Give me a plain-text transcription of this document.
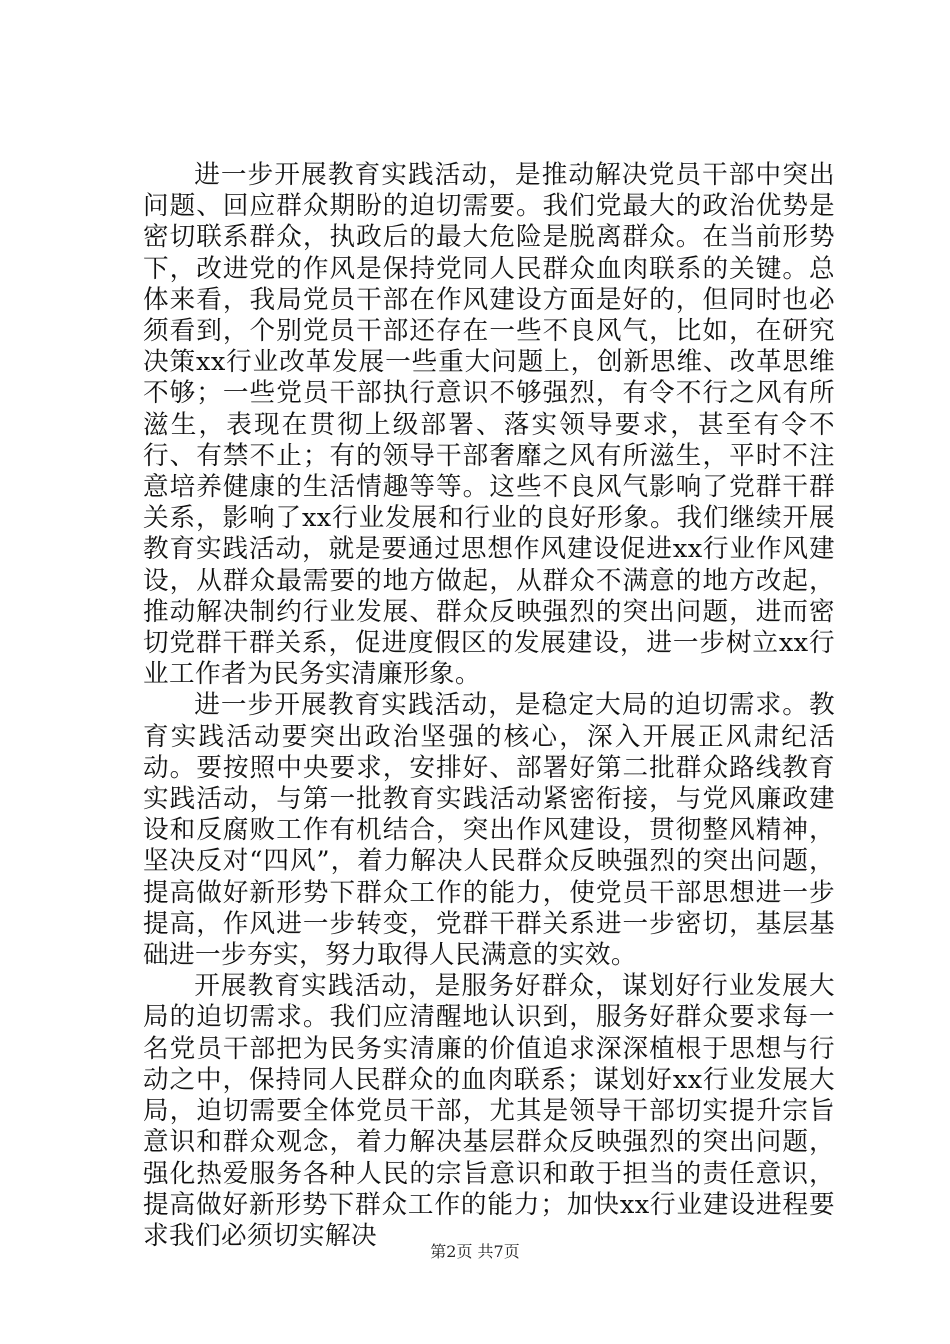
进一步开展教育实践活动，是推动解决党员干部中突出问题、回应群众期盼的迫切需要。我们党最大的政治优势是密切联系群众，执政后的最大危险是脱离群众。在当前形势下，改进党的作风是保持党同人民群众血肉联系的关键。总体来看，我局党员干部在作风建设方面是好的，但同时也必须看到，个别党员干部还存在一些不良风气，比如，在研究决策xx行业改革发展一些重大问题上，创新思维、改革思维不够；一些党员干部执行意识不够强烈，有令不行之风有所滋生，表现在贯彻上级部署、落实领导要求，甚至有令不行、有禁不止；有的领导干部奢靡之风有所滋生，平时不注意培养健康的生活情趣等等。这些不良风气影响了党群干群关系，影响了xx行业发展和行业的良好形象。我们继续开展教育实践活动，就是要通过思想作风建设促进xx行业作风建设，从群众最需要的地方做起，从群众不满意的地方改起，推动解决制约行业发展、群众反映强烈的突出问题，进而密切党群干群关系，促进度假区的发展建设，进一步树立xx行业工作者为民务实清廉形象。

进一步开展教育实践活动，是稳定大局的迫切需求。教育实践活动要突出政治坚强的核心，深入开展正风肃纪活动。要按照中央要求，安排好、部署好第二批群众路线教育实践活动，与第一批教育实践活动紧密衔接，与党风廉政建设和反腐败工作有机结合，突出作风建设，贯彻整风精神，坚决反对“四风”，着力解决人民群众反映强烈的突出问题，提高做好新形势下群众工作的能力，使党员干部思想进一步提高，作风进一步转变，党群干群关系进一步密切，基层基础进一步夯实，努力取得人民满意的实效。

开展教育实践活动，是服务好群众，谋划好行业发展大局的迫切需求。我们应清醒地认识到，服务好群众要求每一名党员干部把为民务实清廉的价值追求深深植根于思想与行动之中，保持同人民群众的血肉联系；谋划好xx行业发展大局，迫切需要全体党员干部，尤其是领导干部切实提升宗旨意识和群众观念，着力解决基层群众反映强烈的突出问题，强化热爱服务各种人民的宗旨意识和敢于担当的责任意识，提高做好新形势下群众工作的能力；加快xx行业建设进程要求我们必须切实解决

第2页 共7页
